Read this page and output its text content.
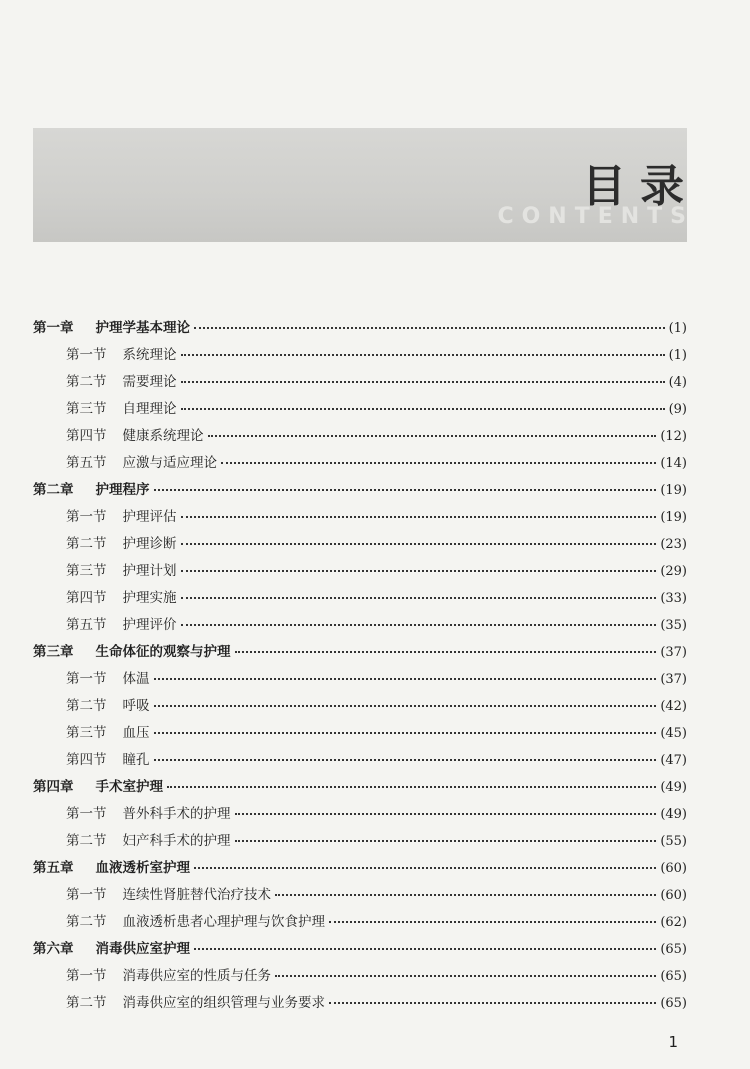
目录
CONTENTS
第一章 护理学基本理论	(1)
第一节 系统理论	(1)
第二节 需要理论	(4)
第三节 自理理论	(9)
第四节 健康系统理论	(12)
第五节 应激与适应理论	(14)
第二章 护理程序	(19)
第一节 护理评估	(19)
第二节 护理诊断	(23)
第三节 护理计划	(29)
第四节 护理实施	(33)
第五节 护理评价	(35)
第三章 生命体征的观察与护理	(37)
第一节 体温	(37)
第二节 呼吸	(42)
第三节 血压	(45)
第四节 瞳孔	(47)
第四章 手术室护理	(49)
第一节 普外科手术的护理	(49)
第二节 妇产科手术的护理	(55)
第五章 血液透析室护理	(60)
第一节 连续性肾脏替代治疗技术	(60)
第二节 血液透析患者心理护理与饮食护理	(62)
第六章 消毒供应室护理	(65)
第一节 消毒供应室的性质与任务	(65)
第二节 消毒供应室的组织管理与业务要求	(65)
1
